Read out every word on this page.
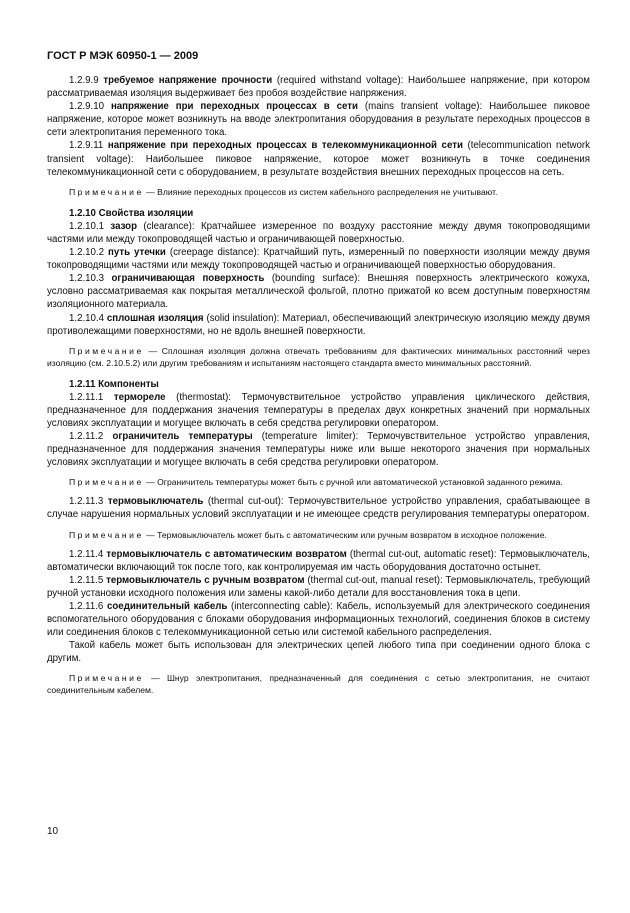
ГОСТ Р МЭК 60950-1 — 2009

1.2.9.9 требуемое напряжение прочности (required withstand voltage): Наибольшее напряжение, при котором рассматриваемая изоляция выдерживает без пробоя воздействие напряжения.

1.2.9.10 напряжение при переходных процессах в сети (mains transient voltage): Наибольшее пиковое напряжение, которое может возникнуть на вводе электропитания оборудования в результате переходных процессов в сети электропитания переменного тока.

1.2.9.11 напряжение при переходных процессах в телекоммуникационной сети (telecommunication network transient voltage): Наибольшее пиковое напряжение, которое может возникнуть в точке соединения телекоммуникационной сети с оборудованием, в результате воздействия внешних переходных процессов на сеть.

Примечание — Влияние переходных процессов из систем кабельного распределения не учитывают.

1.2.10 Свойства изоляции

1.2.10.1 зазор (clearance): Кратчайшее измеренное по воздуху расстояние между двумя токопроводящими частями или между токопроводящей частью и ограничивающей поверхностью.

1.2.10.2 путь утечки (creepage distance): Кратчайший путь, измеренный по поверхности изоляции между двумя токопроводящими частями или между токопроводящей частью и ограничивающей поверхностью оборудования.

1.2.10.3 ограничивающая поверхность (bounding surface): Внешняя поверхность электрического кожуха, условно рассматриваемая как покрытая металлической фольгой, плотно прижатой ко всем доступным поверхностям изоляционного материала.

1.2.10.4 сплошная изоляция (solid insulation): Материал, обеспечивающий электрическую изоляцию между двумя противолежащими поверхностями, но не вдоль внешней поверхности.

Примечание — Сплошная изоляция должна отвечать требованиям для фактических минимальных расстояний через изоляцию (см. 2.10.5.2) или другим требованиям и испытаниям настоящего стандарта вместо минимальных расстояний.

1.2.11 Компоненты

1.2.11.1 термореле (thermostat): Термочувствительное устройство управления циклического действия, предназначенное для поддержания значения температуры в пределах двух конкретных значений при нормальных условиях эксплуатации и могущее включать в себя средства регулировки оператором.

1.2.11.2 ограничитель температуры (temperature limiter): Термочувствительное устройство управления, предназначенное для поддержания значения температуры ниже или выше некоторого значения при нормальных условиях эксплуатации и могущее включать в себя средства регулировки оператором.

Примечание — Ограничитель температуры может быть с ручной или автоматической установкой заданного режима.

1.2.11.3 термовыключатель (thermal cut-out): Термочувствительное устройство управления, срабатывающее в случае нарушения нормальных условий эксплуатации и не имеющее средств регулирования температуры оператором.

Примечание — Термовыключатель может быть с автоматическим или ручным возвратом в исходное положение.

1.2.11.4 термовыключатель с автоматическим возвратом (thermal cut-out, automatic reset): Термовыключатель, автоматически включающий ток после того, как контролируемая им часть оборудования достаточно остынет.

1.2.11.5 термовыключатель с ручным возвратом (thermal cut-out, manual reset): Термовыключатель, требующий ручной установки исходного положения или замены какой-либо детали для восстановления тока в цепи.

1.2.11.6 соединительный кабель (interconnecting cable): Кабель, используемый для электрического соединения вспомогательного оборудования с блоками оборудования информационных технологий, соединения блоков в систему или соединения блоков с телекоммуникационной сетью или системой кабельного распределения.

Такой кабель может быть использован для электрических цепей любого типа при соединении одного блока с другим.

Примечание — Шнур электропитания, предназначенный для соединения с сетью электропитания, не считают соединительным кабелем.

10
